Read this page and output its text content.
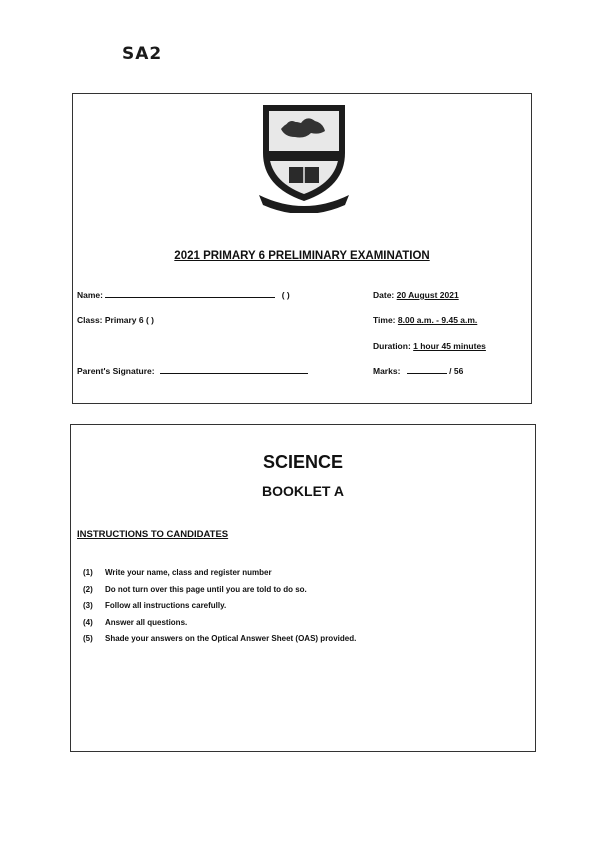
SA2
2021 PRIMARY 6 PRELIMINARY EXAMINATION
Name:	( )
Class: Primary 6 ( )
Parent's Signature:
Date: 20 August 2021
Time: 8.00 a.m. - 9.45 a.m.
Duration: 1 hour 45 minutes
Marks:	/ 56
SCIENCE
BOOKLET A
INSTRUCTIONS TO CANDIDATES
(1) Write your name, class and register number
(2) Do not turn over this page until you are told to do so.
(3) Follow all instructions carefully.
(4) Answer all questions.
(5) Shade your answers on the Optical Answer Sheet (OAS) provided.
